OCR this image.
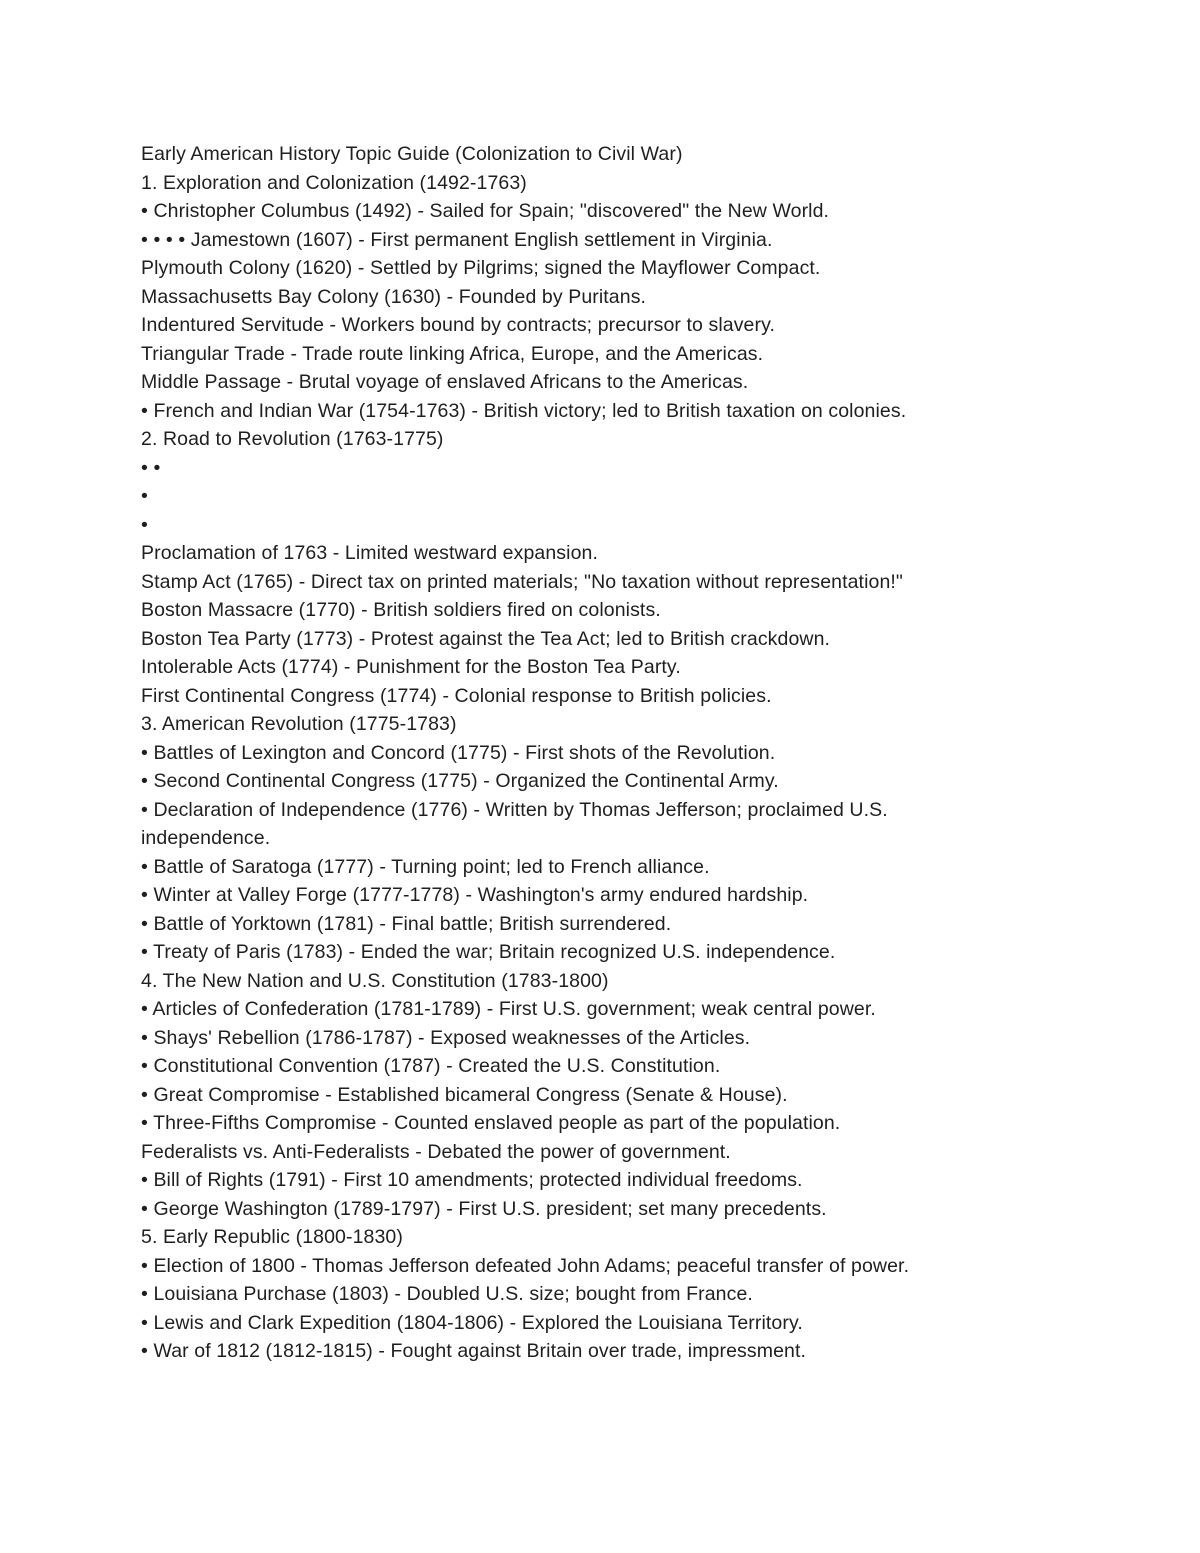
Early American History Topic Guide (Colonization to Civil War)

1. Exploration and Colonization (1492-1763)

• Christopher Columbus (1492) - Sailed for Spain; "discovered" the New World.

• • • • Jamestown (1607) - First permanent English settlement in Virginia.

Plymouth Colony (1620) - Settled by Pilgrims; signed the Mayflower Compact.

Massachusetts Bay Colony (1630) - Founded by Puritans.

Indentured Servitude - Workers bound by contracts; precursor to slavery.

Triangular Trade - Trade route linking Africa, Europe, and the Americas.

Middle Passage - Brutal voyage of enslaved Africans to the Americas.

• French and Indian War (1754-1763) - British victory; led to British taxation on colonies.

2. Road to Revolution (1763-1775)

• •

•

•

Proclamation of 1763 - Limited westward expansion.

Stamp Act (1765) - Direct tax on printed materials; "No taxation without representation!"

Boston Massacre (1770) - British soldiers fired on colonists.

Boston Tea Party (1773) - Protest against the Tea Act; led to British crackdown.

Intolerable Acts (1774) - Punishment for the Boston Tea Party.

First Continental Congress (1774) - Colonial response to British policies.

3. American Revolution (1775-1783)

• Battles of Lexington and Concord (1775) - First shots of the Revolution.

• Second Continental Congress (1775) - Organized the Continental Army.

• Declaration of Independence (1776) - Written by Thomas Jefferson; proclaimed U.S. independence.

• Battle of Saratoga (1777) - Turning point; led to French alliance.

• Winter at Valley Forge (1777-1778) - Washington's army endured hardship.

• Battle of Yorktown (1781) - Final battle; British surrendered.

• Treaty of Paris (1783) - Ended the war; Britain recognized U.S. independence.

4. The New Nation and U.S. Constitution (1783-1800)

• Articles of Confederation (1781-1789) - First U.S. government; weak central power.

• Shays' Rebellion (1786-1787) - Exposed weaknesses of the Articles.

• Constitutional Convention (1787) - Created the U.S. Constitution.

• Great Compromise - Established bicameral Congress (Senate & House).

• Three-Fifths Compromise - Counted enslaved people as part of the population.

Federalists vs. Anti-Federalists - Debated the power of government.

• Bill of Rights (1791) - First 10 amendments; protected individual freedoms.

• George Washington (1789-1797) - First U.S. president; set many precedents.

5. Early Republic (1800-1830)

• Election of 1800 - Thomas Jefferson defeated John Adams; peaceful transfer of power.

• Louisiana Purchase (1803) - Doubled U.S. size; bought from France.

• Lewis and Clark Expedition (1804-1806) - Explored the Louisiana Territory.

• War of 1812 (1812-1815) - Fought against Britain over trade, impressment.
